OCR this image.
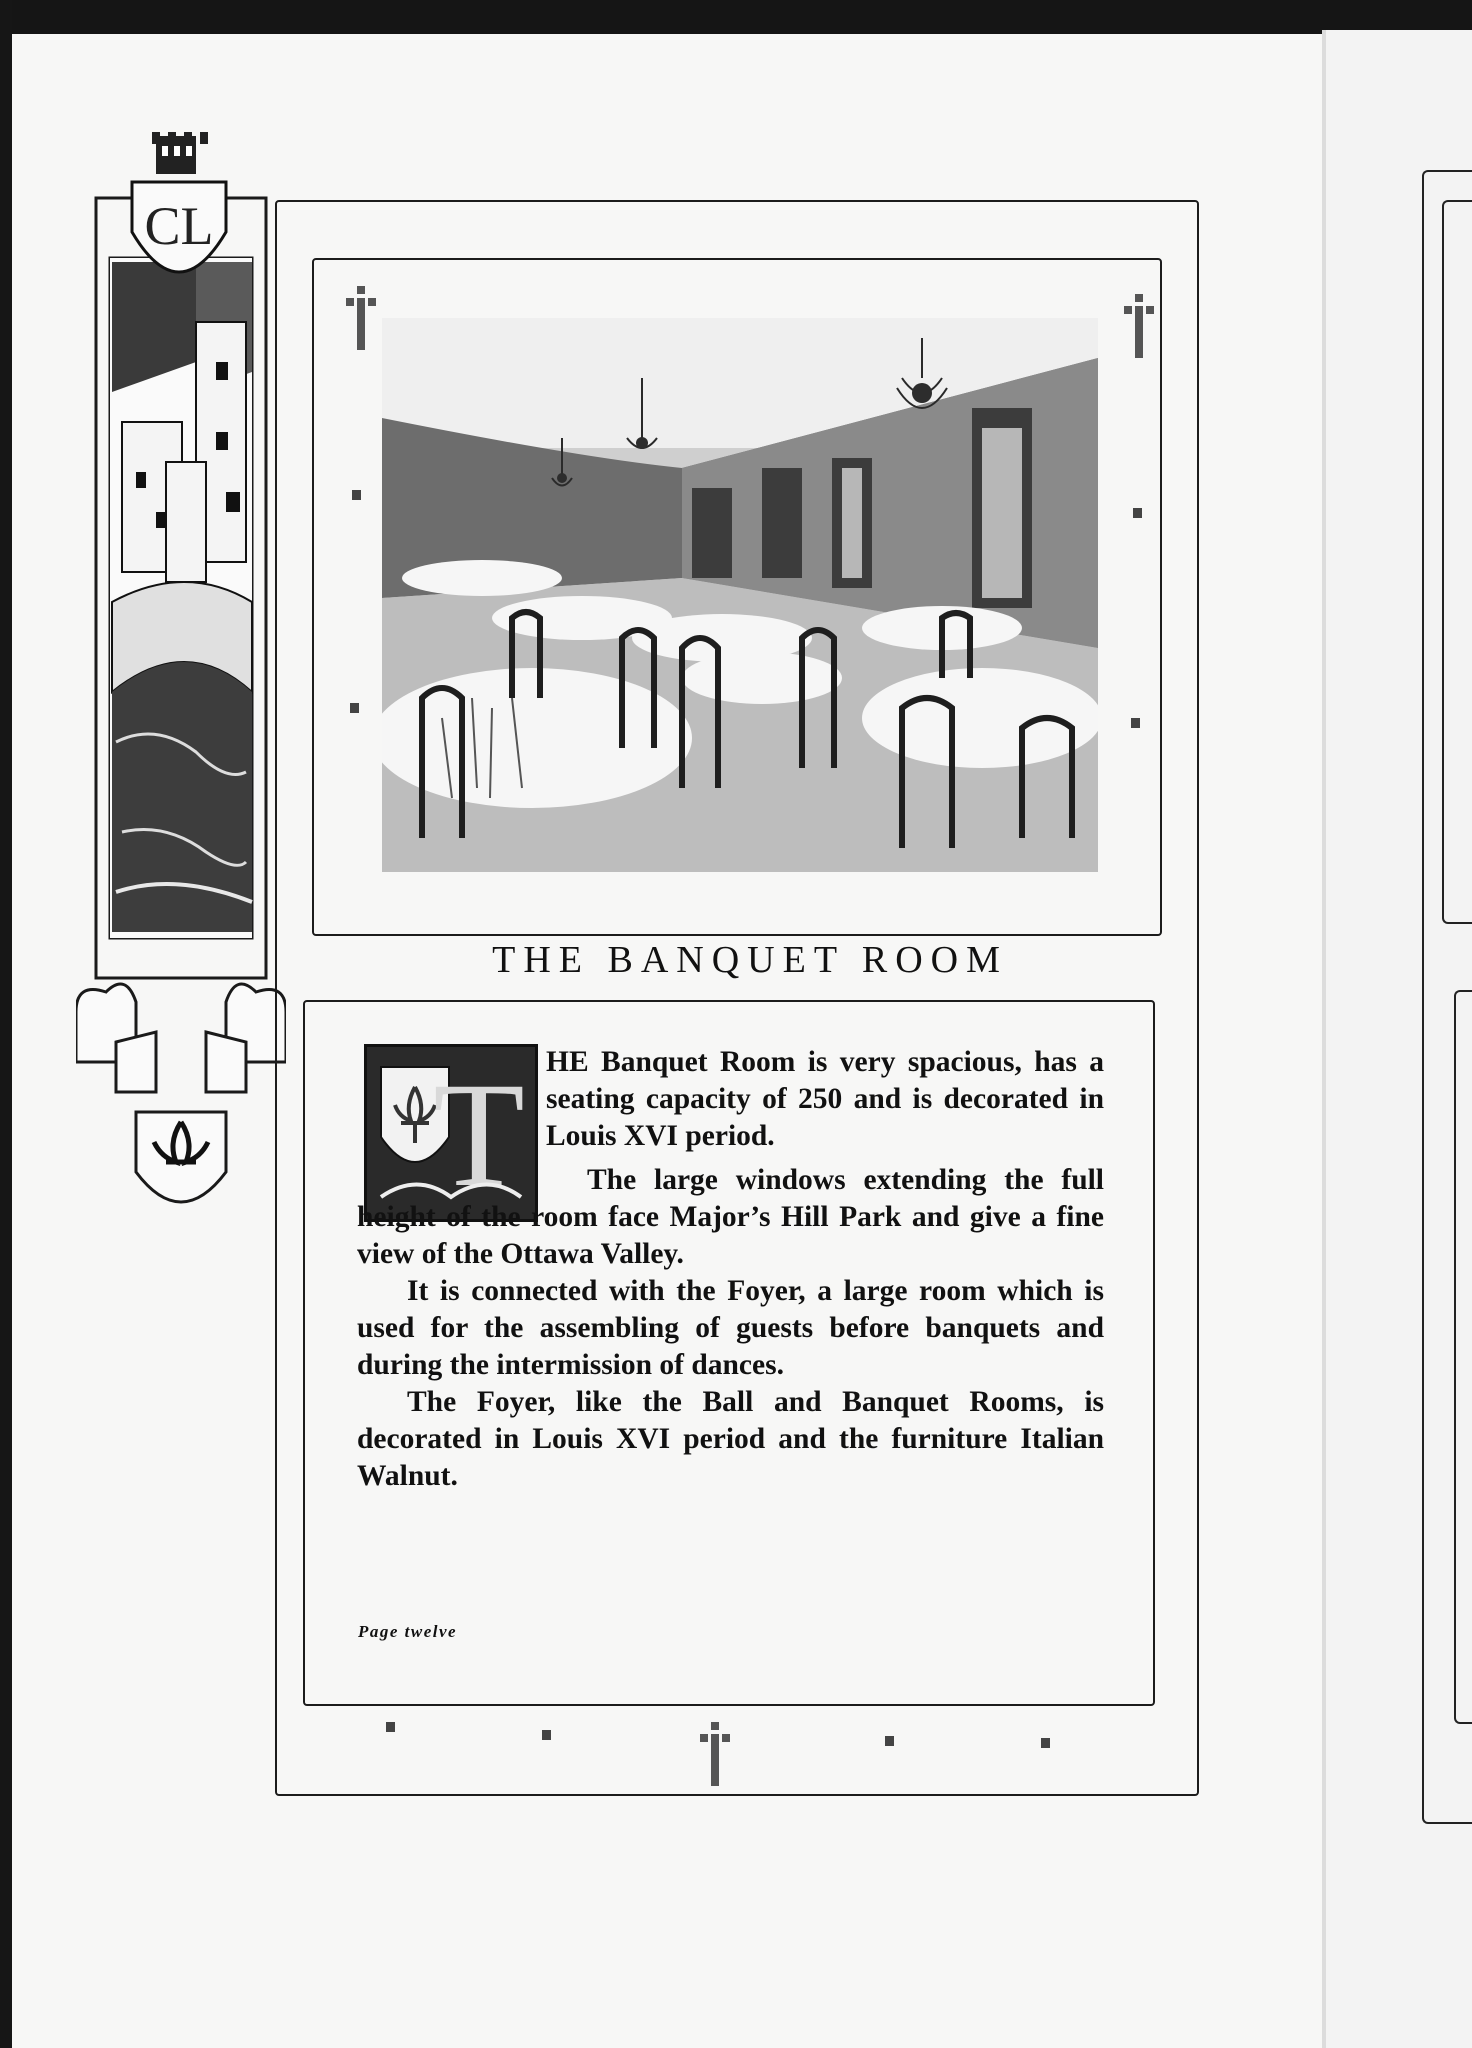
CL
THE BANQUET ROOM
T HE Banquet Room is very spacious, has a seating capacity of 250 and is decorated in Louis XVI period.

The large windows extending the full height of the room face Major’s Hill Park and give a fine view of the Ottawa Valley.

It is connected with the Foyer, a large room which is used for the assembling of guests before banquets and during the intermission of dances.

The Foyer, like the Ball and Banquet Rooms, is decorated in Louis XVI period and the furniture Italian Walnut.

Page twelve
